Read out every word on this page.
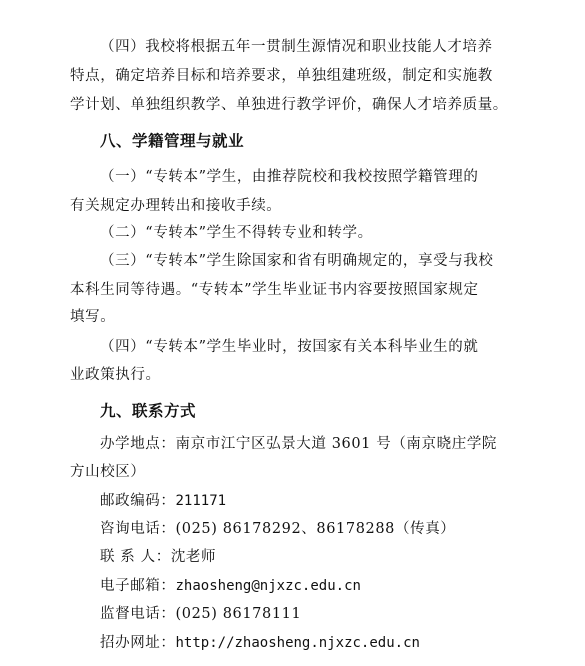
（四）我校将根据五年一贯制生源情况和职业技能人才培养
特点，确定培养目标和培养要求，单独组建班级，制定和实施教
学计划、单独组织教学、单独进行教学评价，确保人才培养质量。
八、学籍管理与就业
（一）“专转本”学生，由推荐院校和我校按照学籍管理的
有关规定办理转出和接收手续。
（二）“专转本”学生不得转专业和转学。
（三）“专转本”学生除国家和省有明确规定的，享受与我校
本科生同等待遇。“专转本”学生毕业证书内容要按照国家规定
填写。
（四）“专转本”学生毕业时，按国家有关本科毕业生的就
业政策执行。
九、联系方式
办学地点：南京市江宁区弘景大道 3601 号（南京晓庄学院
方山校区）
邮政编码：211171
咨询电话：(025) 86178292、86178288（传真）
联 系 人：沈老师
电子邮箱：zhaosheng@njxzc.edu.cn
监督电话：(025) 86178111
招办网址：http://zhaosheng.njxzc.edu.cn
